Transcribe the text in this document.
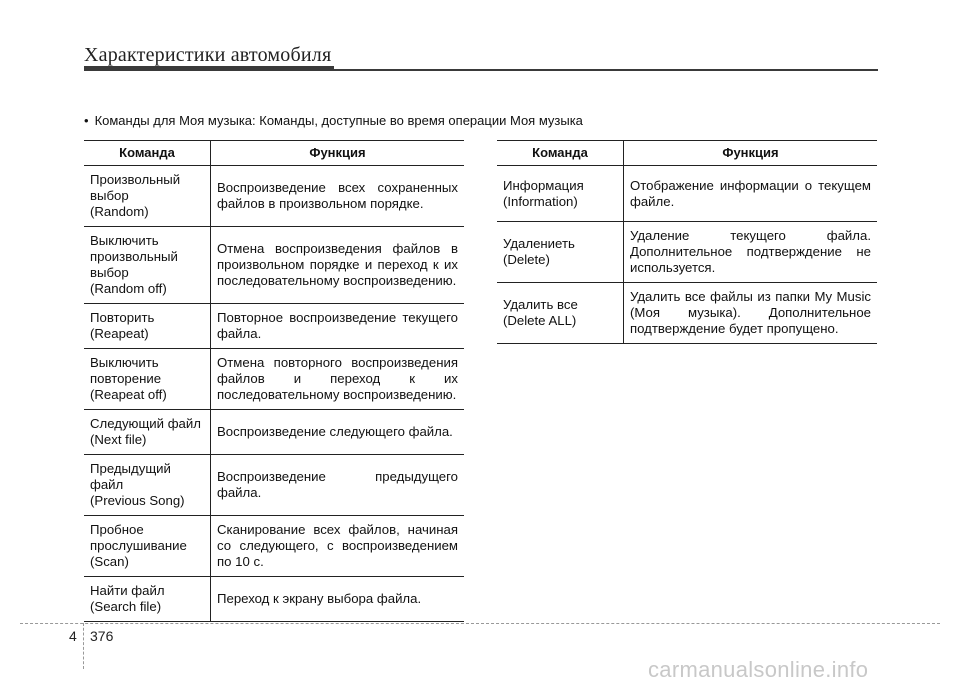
Характеристики автомобиля
• Команды для Моя музыка: Команды, доступные во время операции Моя музыка
Команда	Функция

Произвольный
выбор
(Random)	Воспроизведение всех сохраненных файлов в произвольном порядке.

Выключить
произвольный
выбор
(Random off)	Отмена воспроизведения файлов в произвольном порядке и переход к их последовательному воспроизведению.

Повторить
(Reapeat)	Повторное воспроизведение текущего файла.

Выключить
повторение
(Reapeat off)	Отмена повторного воспроизведения файлов и переход к их последовательному воспроизведению.

Следующий файл
(Next file)	Воспроизведение следующего файла.

Предыдущий
файл
(Previous Song)	Воспроизведение предыдущего файла.

Пробное
прослушивание
(Scan)	Сканирование всех файлов, начиная со следующего, с воспроизведением по 10 с.

Найти файл
(Search file)	Переход к экрану выбора файла.
Команда	Функция

Информация
(Information)	Отображение информации о текущем файле.

Удалениеть
(Delete)	Удаление текущего файла. Дополнительное подтверждение не используется.

Удалить все
(Delete ALL)	Удалить все файлы из папки My Music (Моя музыка). Дополнительное подтверждение будет пропущено.
4 376
carmanualsonline.info
